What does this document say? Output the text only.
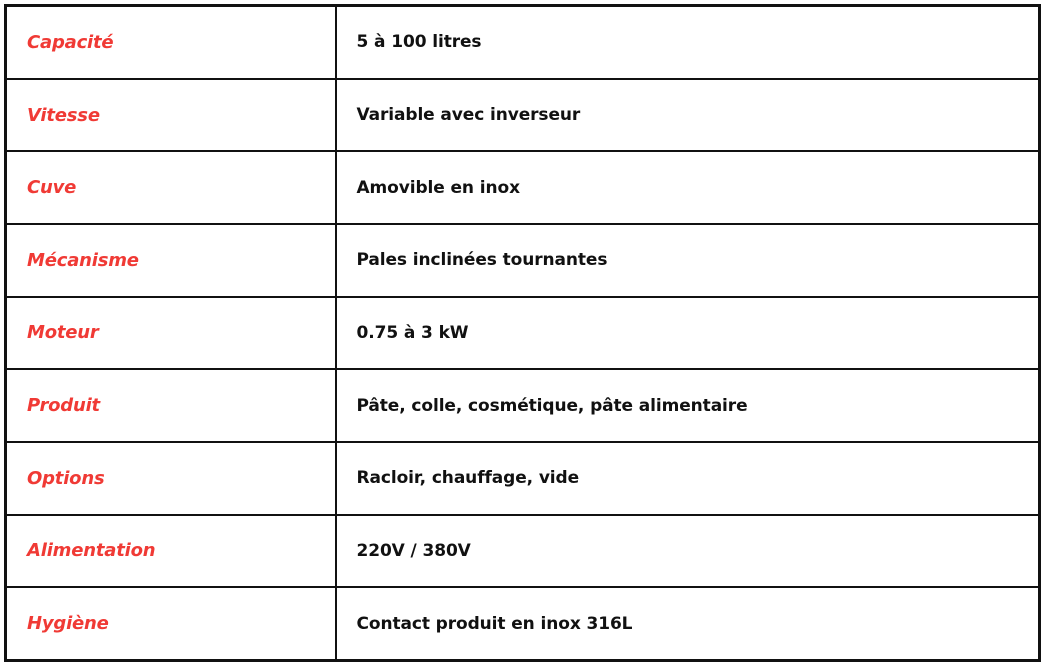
Capacité	5 à 100 litres
Vitesse	Variable avec inverseur
Cuve	Amovible en inox
Mécanisme	Pales inclinées tournantes
Moteur	0.75 à 3 kW
Produit	Pâte, colle, cosmétique, pâte alimentaire
Options	Racloir, chauffage, vide
Alimentation	220V / 380V
Hygiène	Contact produit en inox 316L
